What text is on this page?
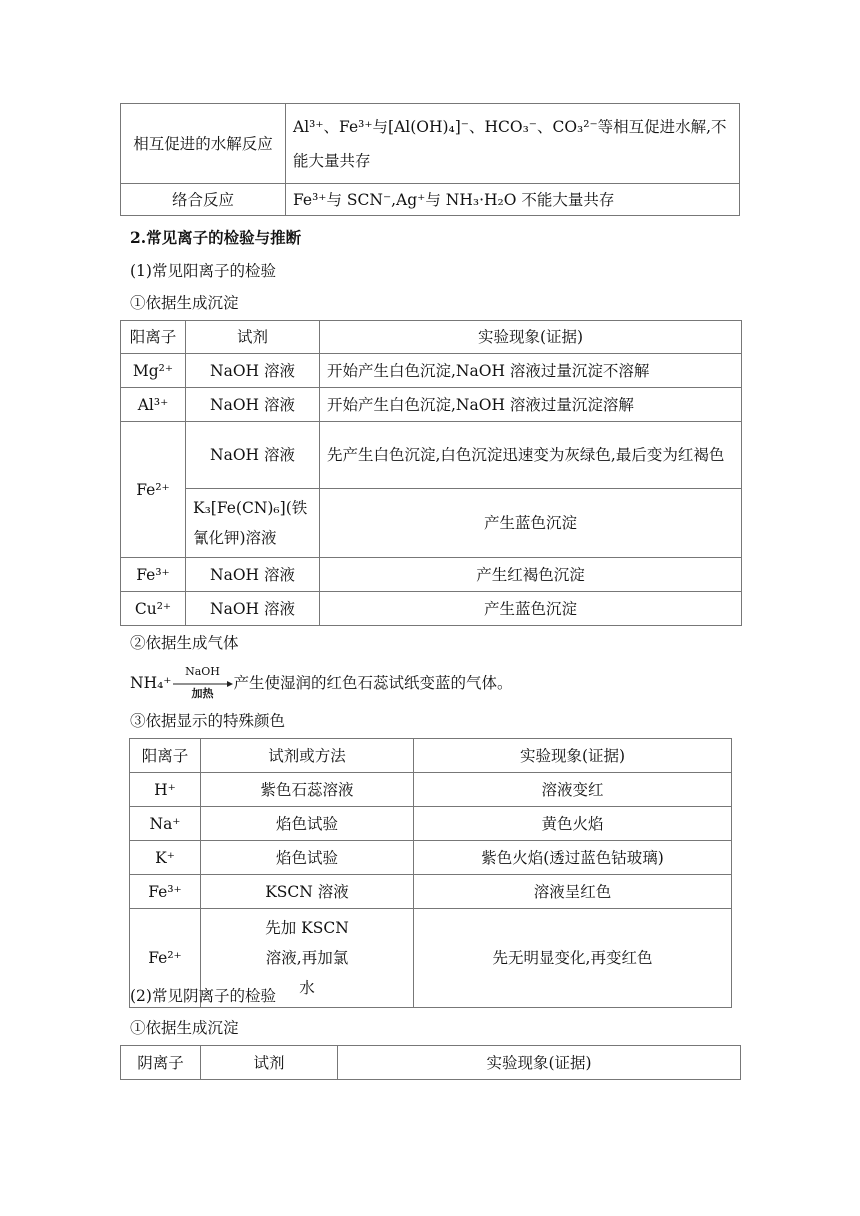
相互促进的水解反应	Al³⁺、Fe³⁺与[Al(OH)₄]⁻、HCO₃⁻、CO₃²⁻等相互促进水解,不能大量共存
络合反应	Fe³⁺与 SCN⁻,Ag⁺与 NH₃·H₂O 不能大量共存
2.常见离子的检验与推断
(1)常见阳离子的检验
①依据生成沉淀
阳离子	试剂	实验现象(证据)
Mg²⁺	NaOH 溶液	开始产生白色沉淀,NaOH 溶液过量沉淀不溶解
Al³⁺	NaOH 溶液	开始产生白色沉淀,NaOH 溶液过量沉淀溶解
Fe²⁺	NaOH 溶液	先产生白色沉淀,白色沉淀迅速变为灰绿色,最后变为红褐色
	K₃[Fe(CN)₆](铁氰化钾)溶液	产生蓝色沉淀
Fe³⁺	NaOH 溶液	产生红褐色沉淀
Cu²⁺	NaOH 溶液	产生蓝色沉淀
②依据生成气体
NH₄⁺
NaOH
加热
产生使湿润的红色石蕊试纸变蓝的气体。
③依据显示的特殊颜色
阳离子	试剂或方法	实验现象(证据)
H⁺	紫色石蕊溶液	溶液变红
Na⁺	焰色试验	黄色火焰
K⁺	焰色试验	紫色火焰(透过蓝色钴玻璃)
Fe³⁺	KSCN 溶液	溶液呈红色
Fe²⁺	先加 KSCN 溶液,再加氯水	先无明显变化,再变红色
(2)常见阴离子的检验
①依据生成沉淀
阴离子	试剂	实验现象(证据)
